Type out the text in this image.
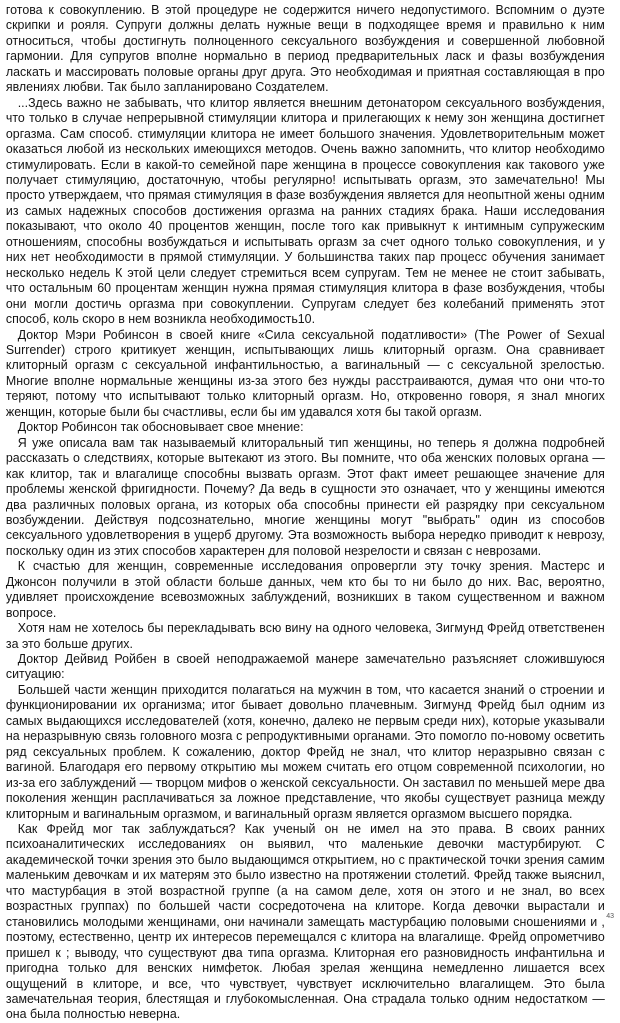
готова к совокуплению. В этой процедуре не содержится ничего недопустимого. Вспомним о дуэте скрипки и рояля. Супруги должны делать нужные вещи в подходящее время и правильно к ним относиться, чтобы достигнуть полноценного сексуального возбуждения и совершенной любовной гармонии. Для супругов вполне нормально в период предварительных ласк и фазы возбуждения ласкать и массировать половые органы друг друга. Это необходимая и приятная составляющая в про явлениях любви. Так было запланировано Создателем.

...Здесь важно не забывать, что клитор является внешним детонатором сексуального возбуждения, что только в случае непрерывной стимуляции клитора и прилегающих к нему зон женщина достигнет оргазма. Сам способ. стимуляции клитора не имеет большого значения. Удовлетворительным может оказаться любой из нескольких имеющихся методов. Очень важно запомнить, что клитор необходимо стимулировать. Если в какой-то семейной паре женщина в процессе совокупления как такового уже получает стимуляцию, достаточную, чтобы регулярно! испытывать оргазм, это замечательно! Мы просто утверждаем, что прямая стимуляция в фазе возбуждения является для неопытной жены одним из самых надежных способов достижения оргазма на ранних стадиях брака. Наши исследования показывают, что около 40 процентов женщин, после того как привыкнут к интимным супружеским отношениям, способны возбуждаться и испытывать оргазм за счет одного только совокупления, и у них нет необходимости в прямой стимуляции. У большинства таких пар процесс обучения занимает несколько недель К этой цели следует стремиться всем супругам. Тем не менее не стоит забывать, что остальным 60 процентам женщин нужна прямая стимуляция клитора в фазе возбуждения, чтобы они могли достичь оргазма при совокуплении. Супругам следует без колебаний применять этот способ, коль скоро в нем возникла необходимость10.

Доктор Мэри Робинсон в своей книге «Сила сексуальной податливости» (The Power of Sexual Surrender) строго критикует женщин, испытывающих лишь клиторный оргазм. Она сравнивает клиторный оргазм с сексуальной инфантильностью, а вагинальный — с сексуальной зрелостью. Многие вполне нормальные женщины из-за этого без нужды расстраиваются, думая что они что-то теряют, потому что испытывают только клиторный оргазм. Но, откровенно говоря, я знал многих женщин, которые были бы счастливы, если бы им удавался хотя бы такой оргазм.

Доктор Робинсон так обосновывает свое мнение:

Я уже описала вам так называемый клиторальный тип женщины, но теперь я должна подробней рассказать о следствиях, которые вытекают из этого. Вы помните, что оба женских половых органа — как клитор, так и влагалище способны вызвать оргазм. Этот факт имеет решающее значение для проблемы женской фригидности. Почему? Да ведь в сущности это означает, что у женщины имеются два различных половых органа, из которых оба способны принести ей разрядку при сексуальном возбуждении. Действуя подсознательно, многие женщины могут "выбрать" один из способов сексуального удовлетворения в ущерб другому. Эта возможность выбора нередко приводит к неврозу, поскольку один из этих способов характерен для половой незрелости и связан с неврозами.

К счастью для женщин, современные исследования опровергли эту точку зрения. Мастерс и Джонсон получили в этой области больше данных, чем кто бы то ни было до них. Вас, вероятно, удивляет происхождение всевозможных заблуждений, возникших в таком существенном и важном вопросе.

Хотя нам не хотелось бы перекладывать всю вину на одного человека, Зигмунд Фрейд ответственен за это больше других.

Доктор Дейвид Ройбен в своей неподражаемой манере замечательно разъясняет сложившуюся ситуацию:

Большей части женщин приходится полагаться на мужчин в том, что касается знаний о строении и функционировании их организма; итог бывает довольно плачевным. Зигмунд Фрейд был одним из самых выдающихся исследователей (хотя, конечно, далеко не первым среди них), которые указывали на неразрывную связь головного мозга с репродуктивными органами. Это помогло по-новому осветить ряд сексуальных проблем. К сожалению, доктор Фрейд не знал, что клитор неразрывно связан с вагиной. Благодаря его первому открытию мы можем считать его отцом современной психологии, но из-за его заблуждений — творцом мифов о женской сексуальности. Он заставил по меньшей мере два поколения женщин расплачиваться за ложное представление, что якобы существует разница между клиторным и вагинальным оргазмом, и вагинальный оргазм является оргазмом высшего порядка.

Как Фрейд мог так заблуждаться? Как ученый он не имел на это права. В своих ранних психоаналитических исследованиях он выявил, что маленькие девочки мастурбируют. С академической точки зрения это было выдающимся открытием, но с практической точки зрения самим маленьким девочкам и их матерям это было известно на протяжении столетий. Фрейд также выяснил, что мастурбация в этой возрастной группе (а на самом деле, хотя он этого и не знал, во всех возрастных группах) по большей части сосредоточена на клиторе. Когда девочки вырастали и становились молодыми женщинами, они начинали замещать мастурбацию половыми сношениями и , поэтому, естественно, центр их интересов перемещался с клитора на влагалище. Фрейд опрометчиво пришел к ; выводу, что существуют два типа оргазма. Клиторная его разновидность инфантильна и пригодна только для венских нимфеток. Любая зрелая женщина немедленно лишается всех ощущений в клиторе, и все, что чувствует, чувствует исключительно влагалищем. Это была замечательная теория, блестящая и глубокомысленная. Она страдала только одним недостатком — она была полностью неверна.

43
